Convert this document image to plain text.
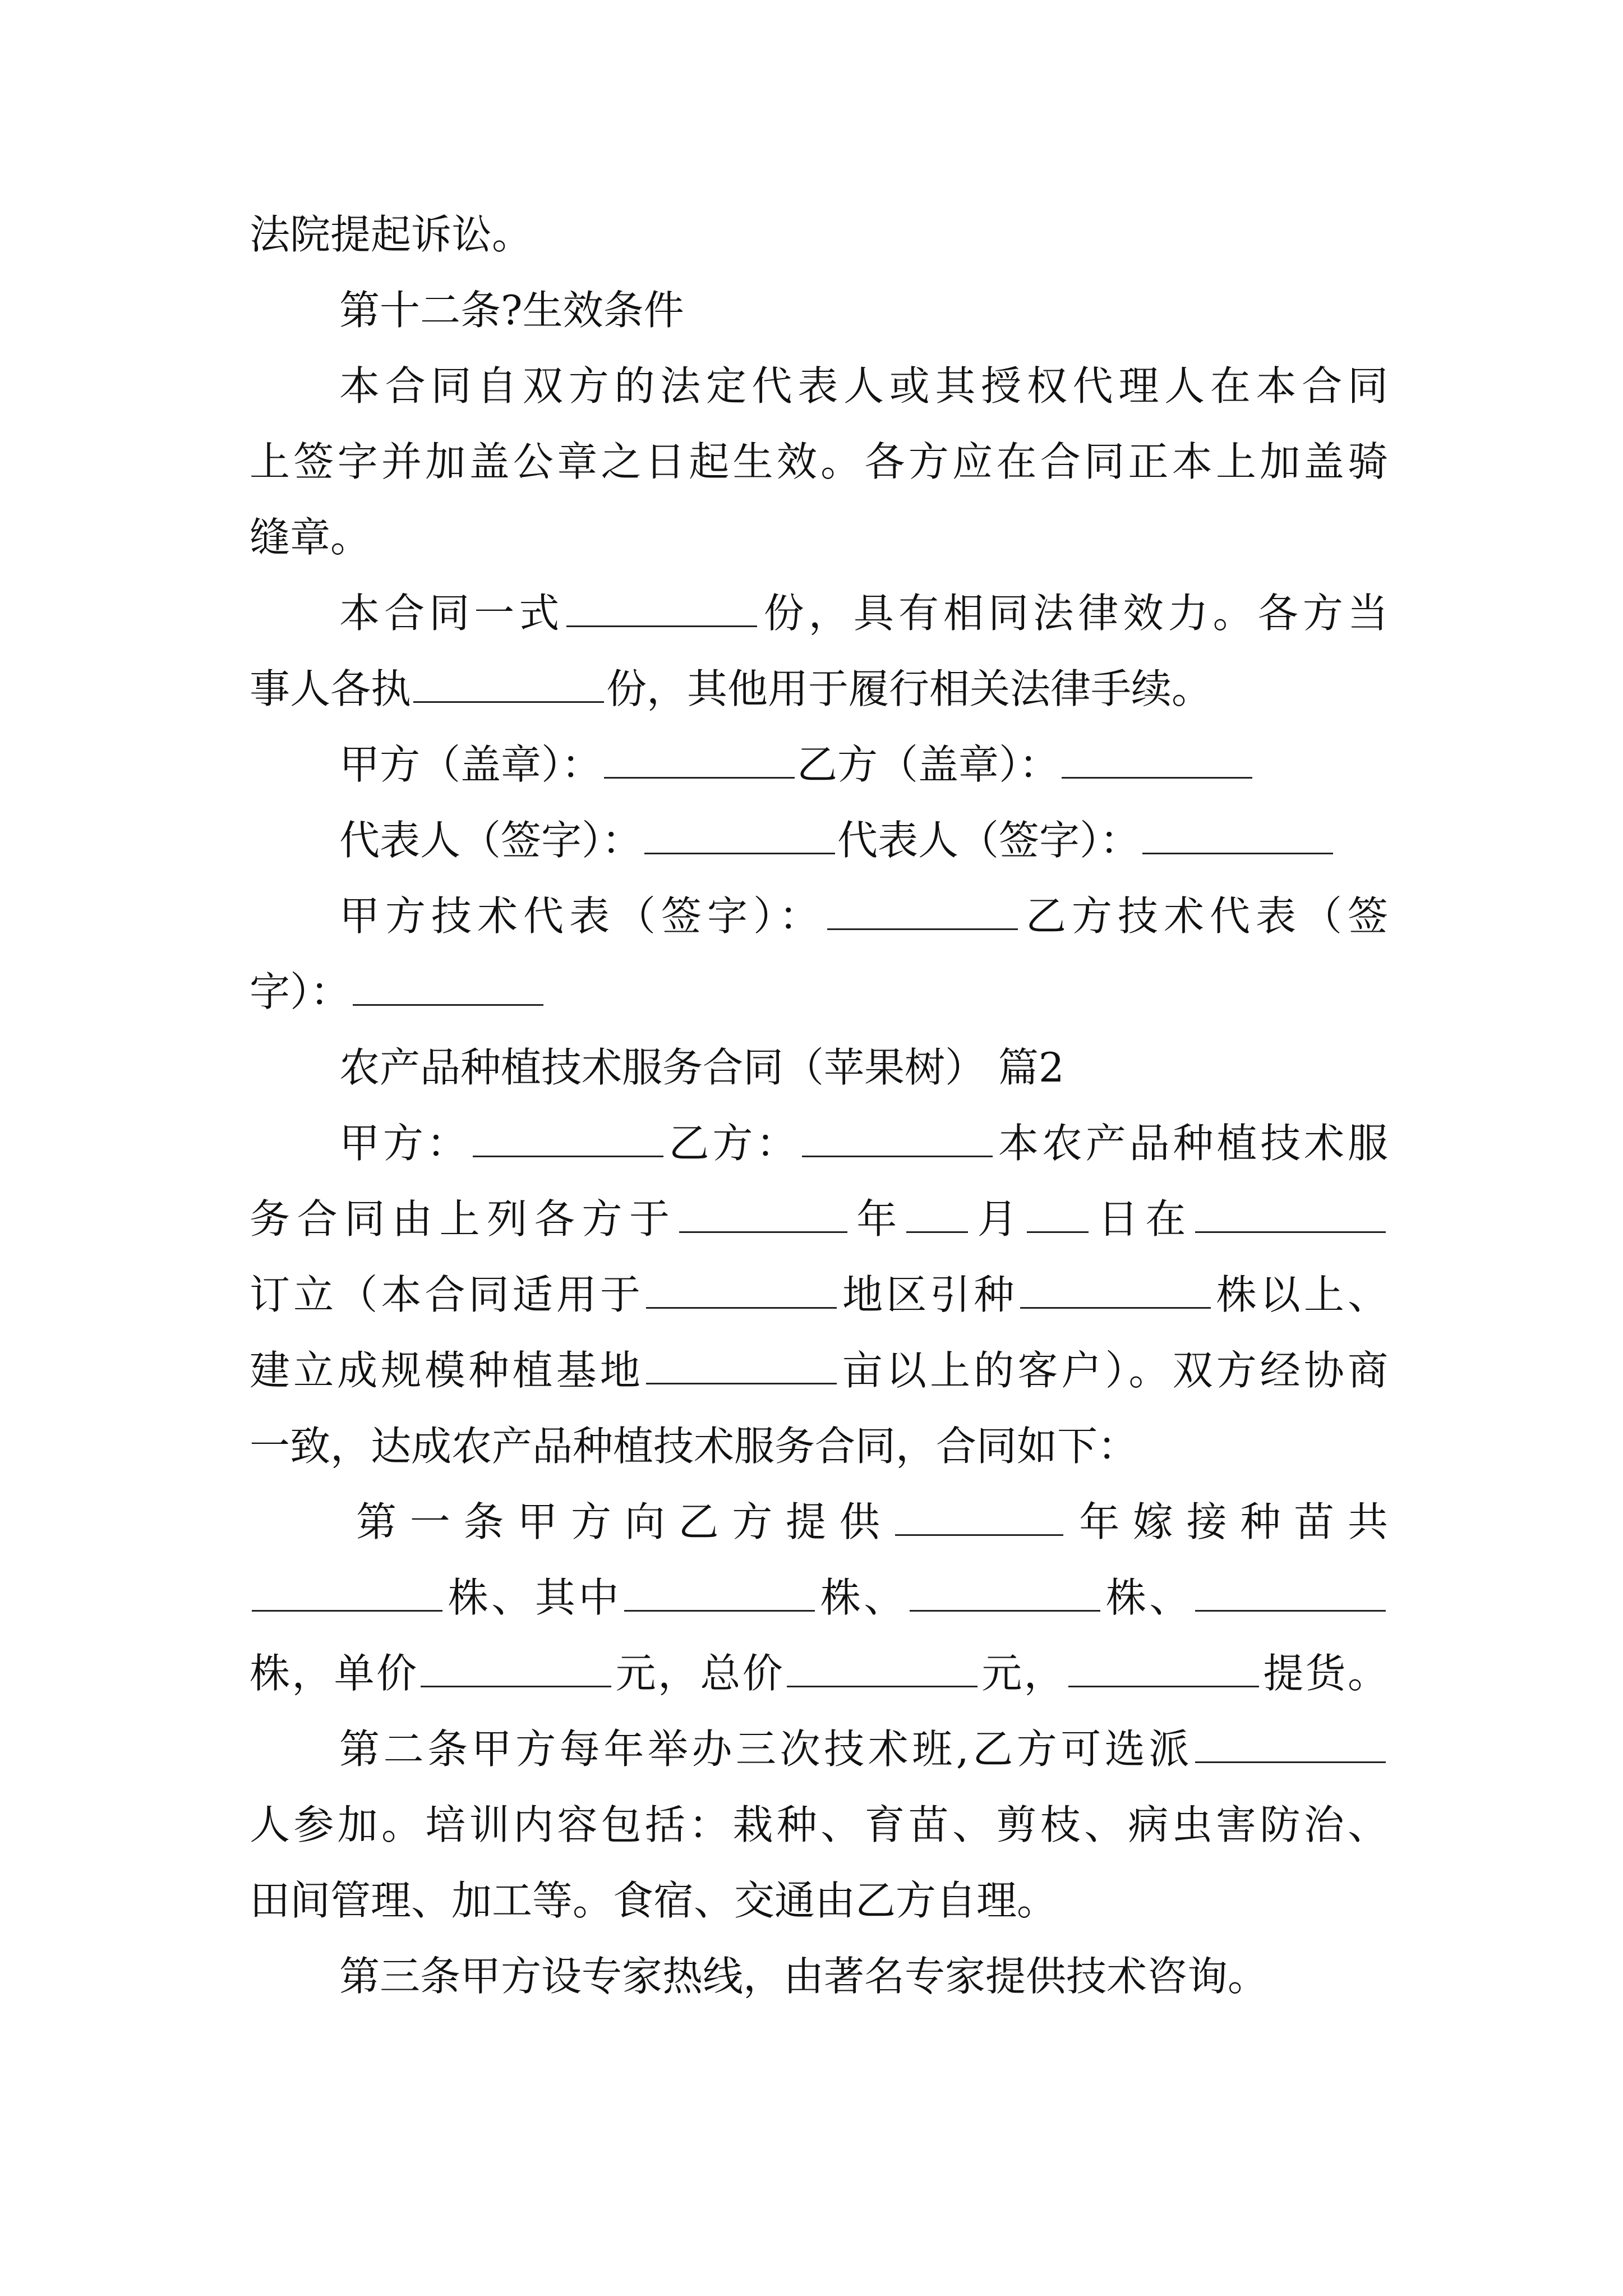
法院提起诉讼。
第十二条?生效条件
本合同自双方的法定代表人或其授权代理人在本合同
上签字并加盖公章之日起生效。各方应在合同正本上加盖骑
缝章。
本合同一式	份，具有相同法律效力。各方当
事人各执	份，其他用于履行相关法律手续。
甲方（盖章）：	乙方（盖章）：
代表人（签字）：	代表人（签字）：
甲方技术代表（签字）：	乙方技术代表（签
字）：
农产品种植技术服务合同（苹果树） 篇2
甲方：	乙方：	本农产品种植技术服
务合同由上列各方于	年 月 日在
订立（本合同适用于	地区引种	株以上、
建立成规模种植基地	亩以上的客户）。双方经协商
一致，达成农产品种植技术服务合同，合同如下：
第一条甲方向乙方提供	年嫁接种苗共
株、其中	株、	株、
株，单价	元，总价	元，	提货。
第二条甲方每年举办三次技术班,乙方可选派
人参加。培训内容包括：栽种、育苗、剪枝、病虫害防治、
田间管理、加工等。食宿、交通由乙方自理。
第三条甲方设专家热线，由著名专家提供技术咨询。
